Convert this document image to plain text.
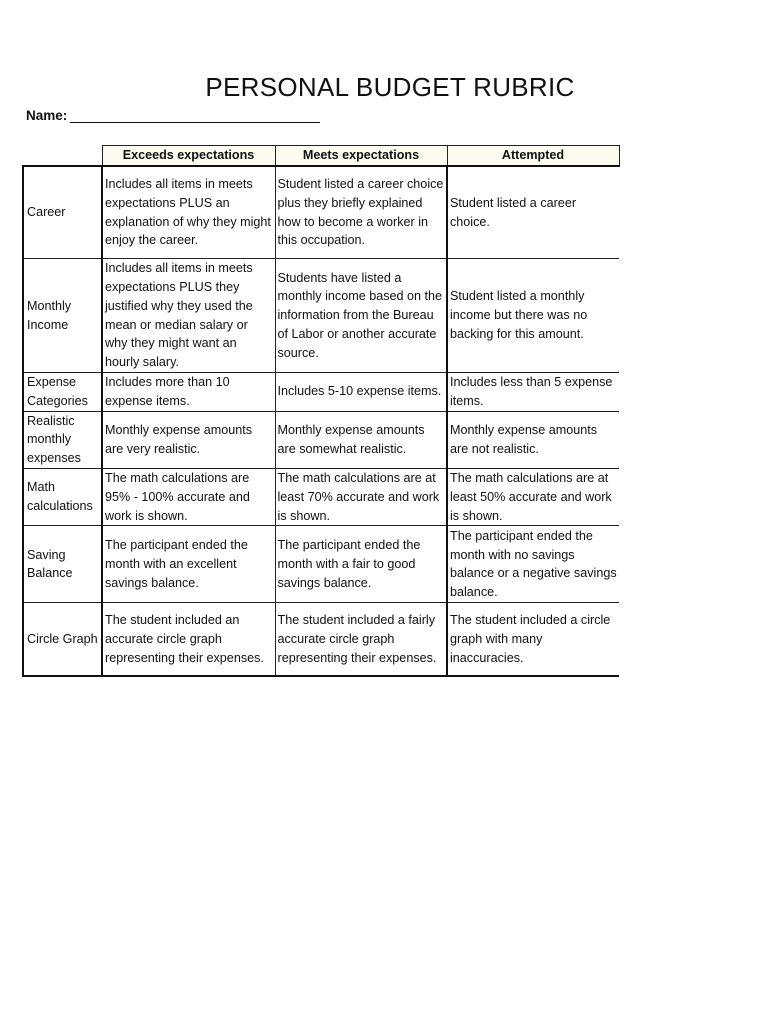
PERSONAL BUDGET RUBRIC
Name:
	Exceeds expectations	Meets expectations	Attempted
Career	Includes all items in meets expectations PLUS an explanation of why they might enjoy the career.	Student listed a career choice plus they briefly explained how to become a worker in this occupation.	Student listed a career choice.
Monthly Income	Includes all items in meets expectations PLUS they justified why they used the mean or median salary or why they might want an hourly salary.	Students have listed a monthly income based on the information from the Bureau of Labor or another accurate source.	Student listed a monthly income but there was no backing for this amount.
Expense Categories	Includes more than 10 expense items.	Includes 5-10 expense items.	Includes less than 5 expense items.
Realistic monthly expenses	Monthly expense amounts are very realistic.	Monthly expense amounts are somewhat realistic.	Monthly expense amounts are not realistic.
Math calculations	The math calculations are 95% - 100% accurate and work is shown.	The math calculations are at least 70% accurate and work is shown.	The math calculations are at least 50% accurate and work is shown.
Saving Balance	The participant ended the month with an excellent savings balance.	The participant ended the month with a fair to good savings balance.	The participant ended the month with no savings balance or a negative savings balance.
Circle Graph	The student included an accurate circle graph representing their expenses.	The student included a fairly accurate circle graph representing their expenses.	The student included a circle graph with many inaccuracies.
